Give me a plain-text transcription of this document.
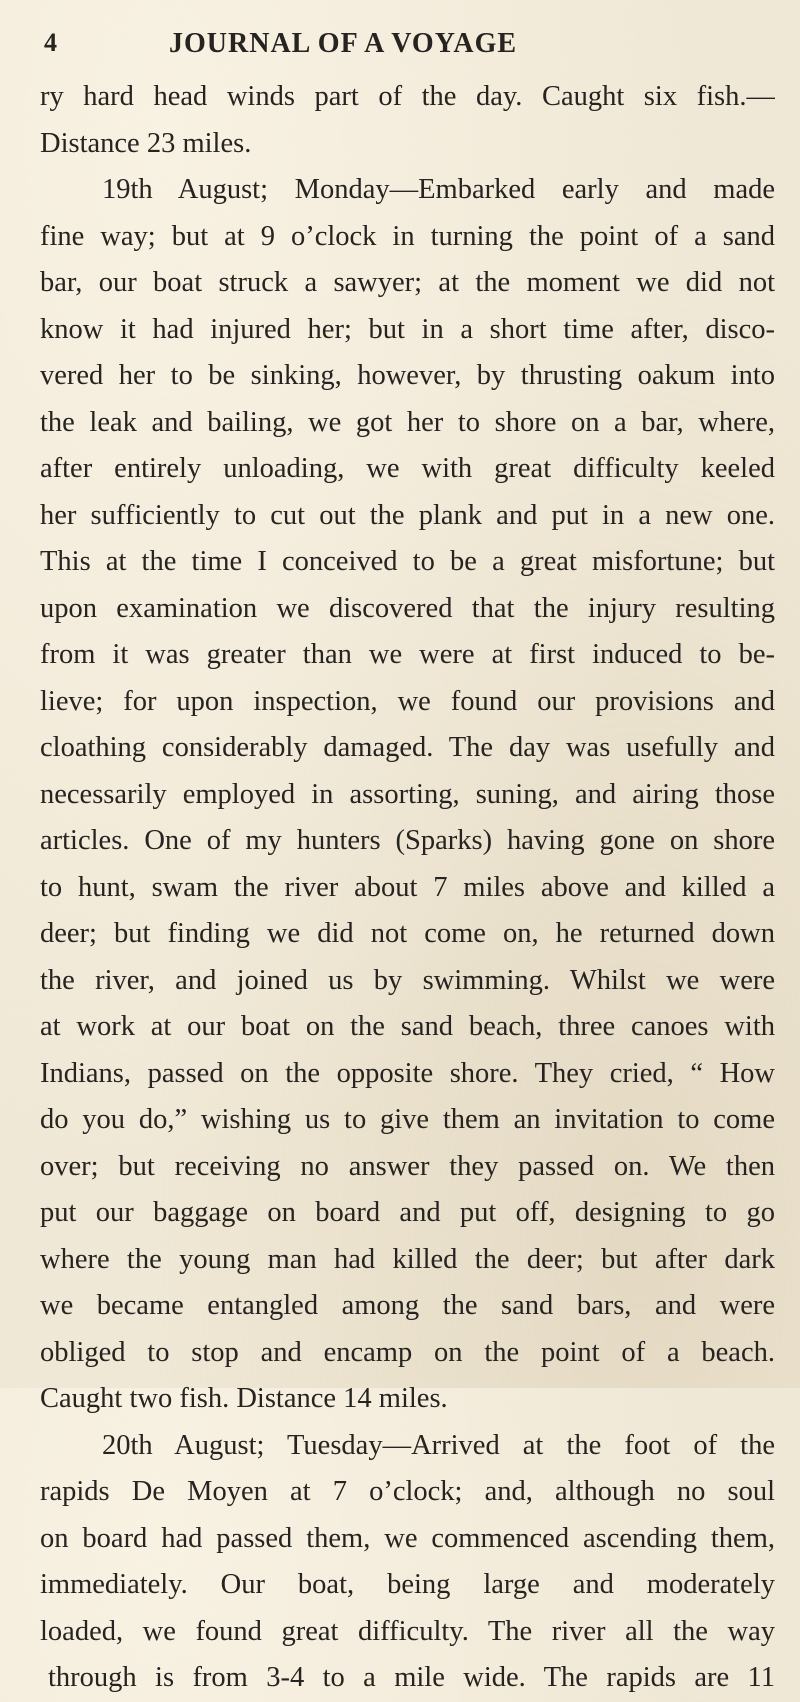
4	JOURNAL OF A VOYAGE
ry hard head winds part of the day. Caught six fish.—
Distance 23 miles.
19th August; Monday—Embarked early and made
fine way; but at 9 o’clock in turning the point of a sand
bar, our boat struck a sawyer; at the moment we did not
know it had injured her; but in a short time after, disco-
vered her to be sinking, however, by thrusting oakum into
the leak and bailing, we got her to shore on a bar, where,
after entirely unloading, we with great difficulty keeled
her sufficiently to cut out the plank and put in a new one.
This at the time I conceived to be a great misfortune; but
upon examination we discovered that the injury resulting
from it was greater than we were at first induced to be-
lieve; for upon inspection, we found our provisions and
cloathing considerably damaged. The day was usefully and
necessarily employed in assorting, suning, and airing those
articles. One of my hunters (Sparks) having gone on shore
to hunt, swam the river about 7 miles above and killed a
deer; but finding we did not come on, he returned down
the river, and joined us by swimming. Whilst we were
at work at our boat on the sand beach, three canoes with
Indians, passed on the opposite shore. They cried, “ How
do you do,” wishing us to give them an invitation to come
over; but receiving no answer they passed on. We then
put our baggage on board and put off, designing to go
where the young man had killed the deer; but after dark
we became entangled among the sand bars, and were
obliged to stop and encamp on the point of a beach.
Caught two fish. Distance 14 miles.
20th August; Tuesday—Arrived at the foot of the
rapids De Moyen at 7 o’clock; and, although no soul
on board had passed them, we commenced ascending them,
immediately. Our boat, being large and moderately
loaded, we found great difficulty. The river all the way
through is from 3-4 to a mile wide. The rapids are 11
